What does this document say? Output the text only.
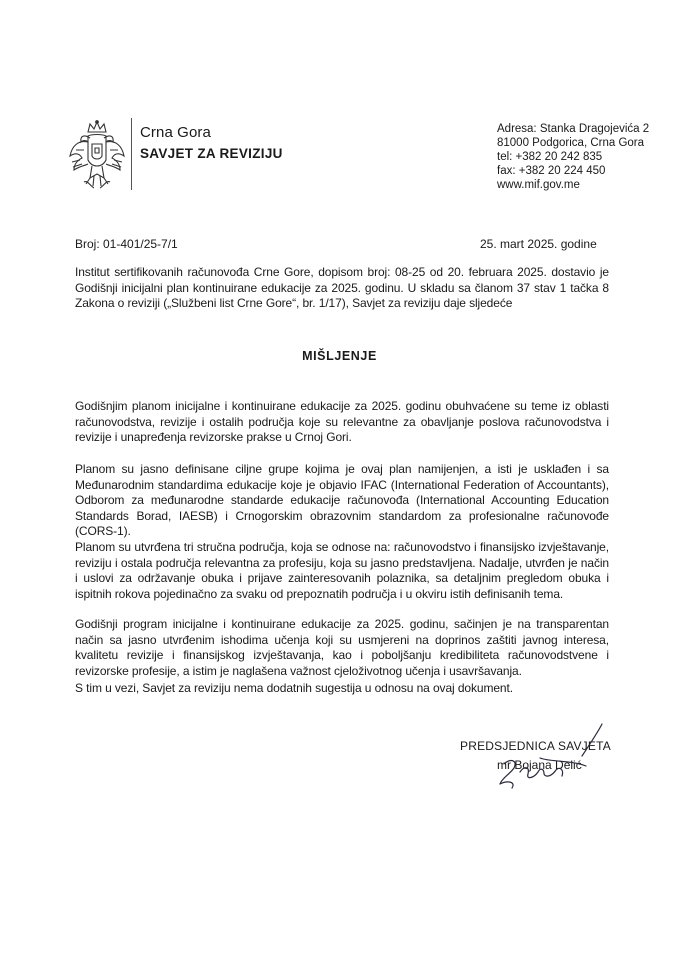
Crna Gora
SAVJET ZA REVIZIJU
Adresa: Stanka Dragojevića 2
81000 Podgorica, Crna Gora
tel: +382 20 242 835
fax: +382 20 224 450
www.mif.gov.me
Broj: 01-401/25-7/1	25. mart 2025. godine
Institut sertifikovanih računovođa Crne Gore, dopisom broj: 08-25 od 20. februara 2025. dostavio je Godišnji inicijalni plan kontinuirane edukacije za 2025. godinu. U skladu sa članom 37 stav 1 tačka 8 Zakona o reviziji („Službeni list Crne Gore“, br. 1/17), Savjet za reviziju daje sljedeće
MIŠLJENJE
Godišnjim planom inicijalne i kontinuirane edukacije za 2025. godinu obuhvaćene su teme iz oblasti računovodstva, revizije i ostalih područja koje su relevantne za obavljanje poslova računovodstva i revizije i unapređenja revizorske prakse u Crnoj Gori.
Planom su jasno definisane ciljne grupe kojima je ovaj plan namijenjen, a isti je usklađen i sa Međunarodnim standardima edukacije koje je objavio IFAC (International Federation of Accountants), Odborom za međunarodne standarde edukacije računovođa (International Accounting Education Standards Borad, IAESB) i Crnogorskim obrazovnim standardom za profesionalne računovođe (CORS-1).
Planom su utvrđena tri stručna područja, koja se odnose na: računovodstvo i finansijsko izvještavanje, reviziju i ostala područja relevantna za profesiju, koja su jasno predstavljena. Nadalje, utvrđen je način i uslovi za održavanje obuka i prijave zainteresovanih polaznika, sa detaljnim pregledom obuka i ispitnih rokova pojedinačno za svaku od prepoznatih područja i u okviru istih definisanih tema.
Godišnji program inicijalne i kontinuirane edukacije za 2025. godinu, sačinjen je na transparentan način sa jasno utvrđenim ishodima učenja koji su usmjereni na doprinos zaštiti javnog interesa, kvalitetu revizije i finansijskog izvještavanja, kao i poboljšanju kredibiliteta računovodstvene i revizorske profesije, a istim je naglašena važnost cjeloživotnog učenja i usavršavanja.
S tim u vezi, Savjet za reviziju nema dodatnih sugestija u odnosu na ovaj dokument.
PREDSJEDNICA SAVJETA
mr Bojana Delić
